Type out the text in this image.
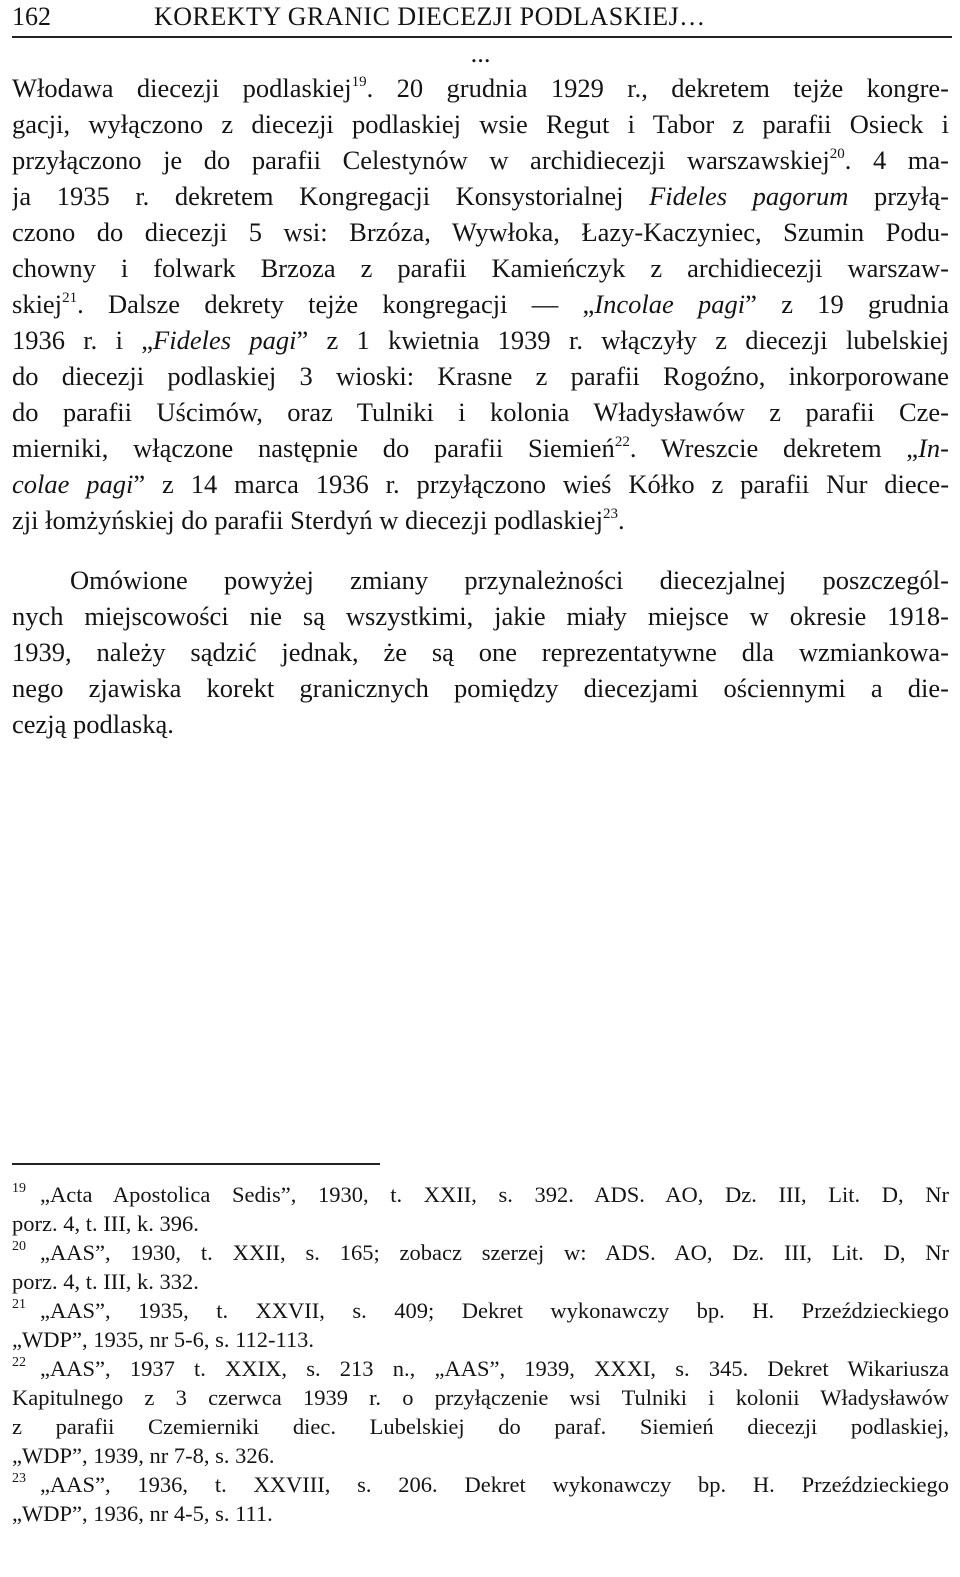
162	KOREKTY GRANIC DIECEZJI PODLASKIEJ…
...
Włodawa diecezji podlaskiej$^{19}$. 20 grudnia 1929 r., dekretem tejże kongre-
gacji, wyłączono z diecezji podlaskiej wsie Regut i Tabor z parafii Osieck i
przyłączono je do parafii Celestynów w archidiecezji warszawskiej$^{20}$. 4 ma-
ja 1935 r. dekretem Kongregacji Konsystorialnej Fideles pagorum przyłą-
czono do diecezji 5 wsi: Brzóza, Wywłoka, Łazy-Kaczyniec, Szumin Podu-
chowny i folwark Brzoza z parafii Kamieńczyk z archidiecezji warszaw-
skiej$^{21}$. Dalsze dekrety tejże kongregacji — „Incolae pagi” z 19 grudnia
1936 r. i „Fideles pagi” z 1 kwietnia 1939 r. włączyły z diecezji lubelskiej
do diecezji podlaskiej 3 wioski: Krasne z parafii Rogoźno, inkorporowane
do parafii Uścimów, oraz Tulniki i kolonia Władysławów z parafii Cze-
mierniki, włączone następnie do parafii Siemień$^{22}$. Wreszcie dekretem „In-
colae pagi” z 14 marca 1936 r. przyłączono wieś Kółko z parafii Nur diece-
zji łomżyńskiej do parafii Sterdyń w diecezji podlaskiej$^{23}$.
Omówione powyżej zmiany przynależności diecezjalnej poszczegól-
nych miejscowości nie są wszystkimi, jakie miały miejsce w okresie 1918-
1939, należy sądzić jednak, że są one reprezentatywne dla wzmiankowa-
nego zjawiska korekt granicznych pomiędzy diecezjami ościennymi a die-
cezją podlaską.
$^{19}$ „Acta Apostolica Sedis”, 1930, t. XXII, s. 392. ADS. AO, Dz. III, Lit. D, Nr
porz. 4, t. III, k. 396.
$^{20}$ „AAS”, 1930, t. XXII, s. 165; zobacz szerzej w: ADS. AO, Dz. III, Lit. D, Nr
porz. 4, t. III, k. 332.
$^{21}$ „AAS”, 1935, t. XXVII, s. 409; Dekret wykonawczy bp. H. Przeździeckiego
„WDP”, 1935, nr 5-6, s. 112-113.
$^{22}$ „AAS”, 1937 t. XXIX, s. 213 n., „AAS”, 1939, XXXI, s. 345. Dekret Wikariusza
Kapitulnego z 3 czerwca 1939 r. o przyłączenie wsi Tulniki i kolonii Władysławów
z parafii Czemierniki diec. Lubelskiej do paraf. Siemień diecezji podlaskiej,
„WDP”, 1939, nr 7-8, s. 326.
$^{23}$ „AAS”, 1936, t. XXVIII, s. 206. Dekret wykonawczy bp. H. Przeździeckiego
„WDP”, 1936, nr 4-5, s. 111.
